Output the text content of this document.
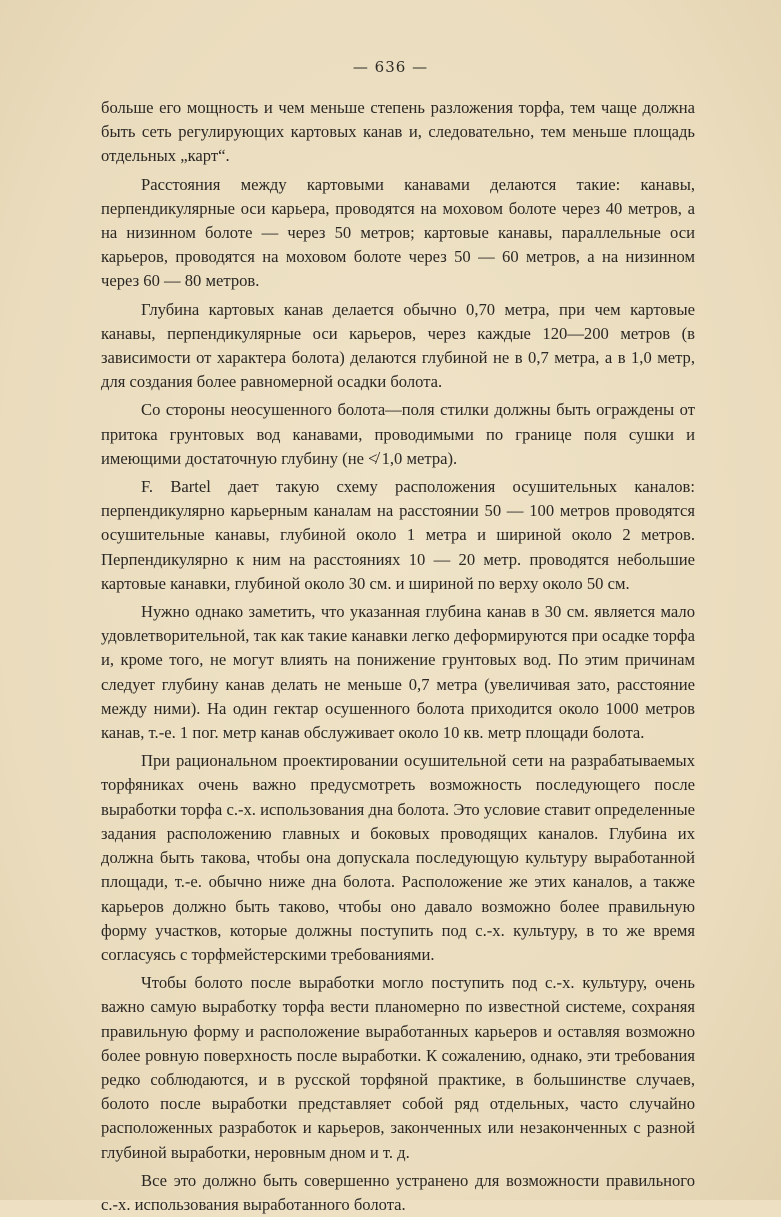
— 636 —

больше его мощность и чем меньше степень разложения торфа, тем чаще должна быть сеть регулирующих картовых канав и, следовательно, тем меньше площадь отдельных „карт“.

Расстояния между картовыми канавами делаются такие: канавы, перпендикулярные оси карьера, проводятся на моховом болоте через 40 метров, а на низинном болоте — через 50 метров; картовые канавы, параллельные оси карьеров, проводятся на моховом болоте через 50 — 60 метров, а на низинном через 60 — 80 метров.

Глубина картовых канав делается обычно 0,70 метра, при чем картовые канавы, перпендикулярные оси карьеров, через каждые 120—200 метров (в зависимости от характера болота) делаются глубиной не в 0,7 метра, а в 1,0 метр, для создания более равномерной осадки болота.

Со стороны неосушенного болота—поля стилки должны быть ограждены от притока грунтовых вод канавами, проводимыми по границе поля сушки и имеющими достаточную глубину (не ≮ 1,0 метра).

F. Bartel дает такую схему расположения осушительных каналов: перпендикулярно карьерным каналам на расстоянии 50 — 100 метров проводятся осушительные канавы, глубиной около 1 метра и шириной около 2 метров. Перпендикулярно к ним на расстояниях 10 — 20 метр. проводятся небольшие картовые канавки, глубиной около 30 см. и шириной по верху около 50 см.

Нужно однако заметить, что указанная глубина канав в 30 см. является мало удовлетворительной, так как такие канавки легко деформируются при осадке торфа и, кроме того, не могут влиять на понижение грунтовых вод. По этим причинам следует глубину канав делать не меньше 0,7 метра (увеличивая зато, расстояние между ними). На один гектар осушенного болота приходится около 1000 метров канав, т.-е. 1 пог. метр канав обслуживает около 10 кв. метр площади болота.

При рациональном проектировании осушительной сети на разрабатываемых торфяниках очень важно предусмотреть возможность последующего после выработки торфа с.-х. использования дна болота. Это условие ставит определенные задания расположению главных и боковых проводящих каналов. Глубина их должна быть такова, чтобы она допускала последующую культуру выработанной площади, т.-е. обычно ниже дна болота. Расположение же этих каналов, а также карьеров должно быть таково, чтобы оно давало возможно более правильную форму участков, которые должны поступить под с.-х. культуру, в то же время согласуясь с торфмейстерскими требованиями.

Чтобы болото после выработки могло поступить под с.-х. культуру, очень важно самую выработку торфа вести планомерно по известной системе, сохраняя правильную форму и расположение выработанных карьеров и оставляя возможно более ровную поверхность после выработки. К сожалению, однако, эти требования редко соблюдаются, и в русской торфяной практике, в большинстве случаев, болото после выработки представляет собой ряд отдельных, часто случайно расположенных разработок и карьеров, законченных или незаконченных с разной глубиной выработки, неровным дном и т. д.

Все это должно быть совершенно устранено для возможности правильного с.-х. использования выработанного болота.
